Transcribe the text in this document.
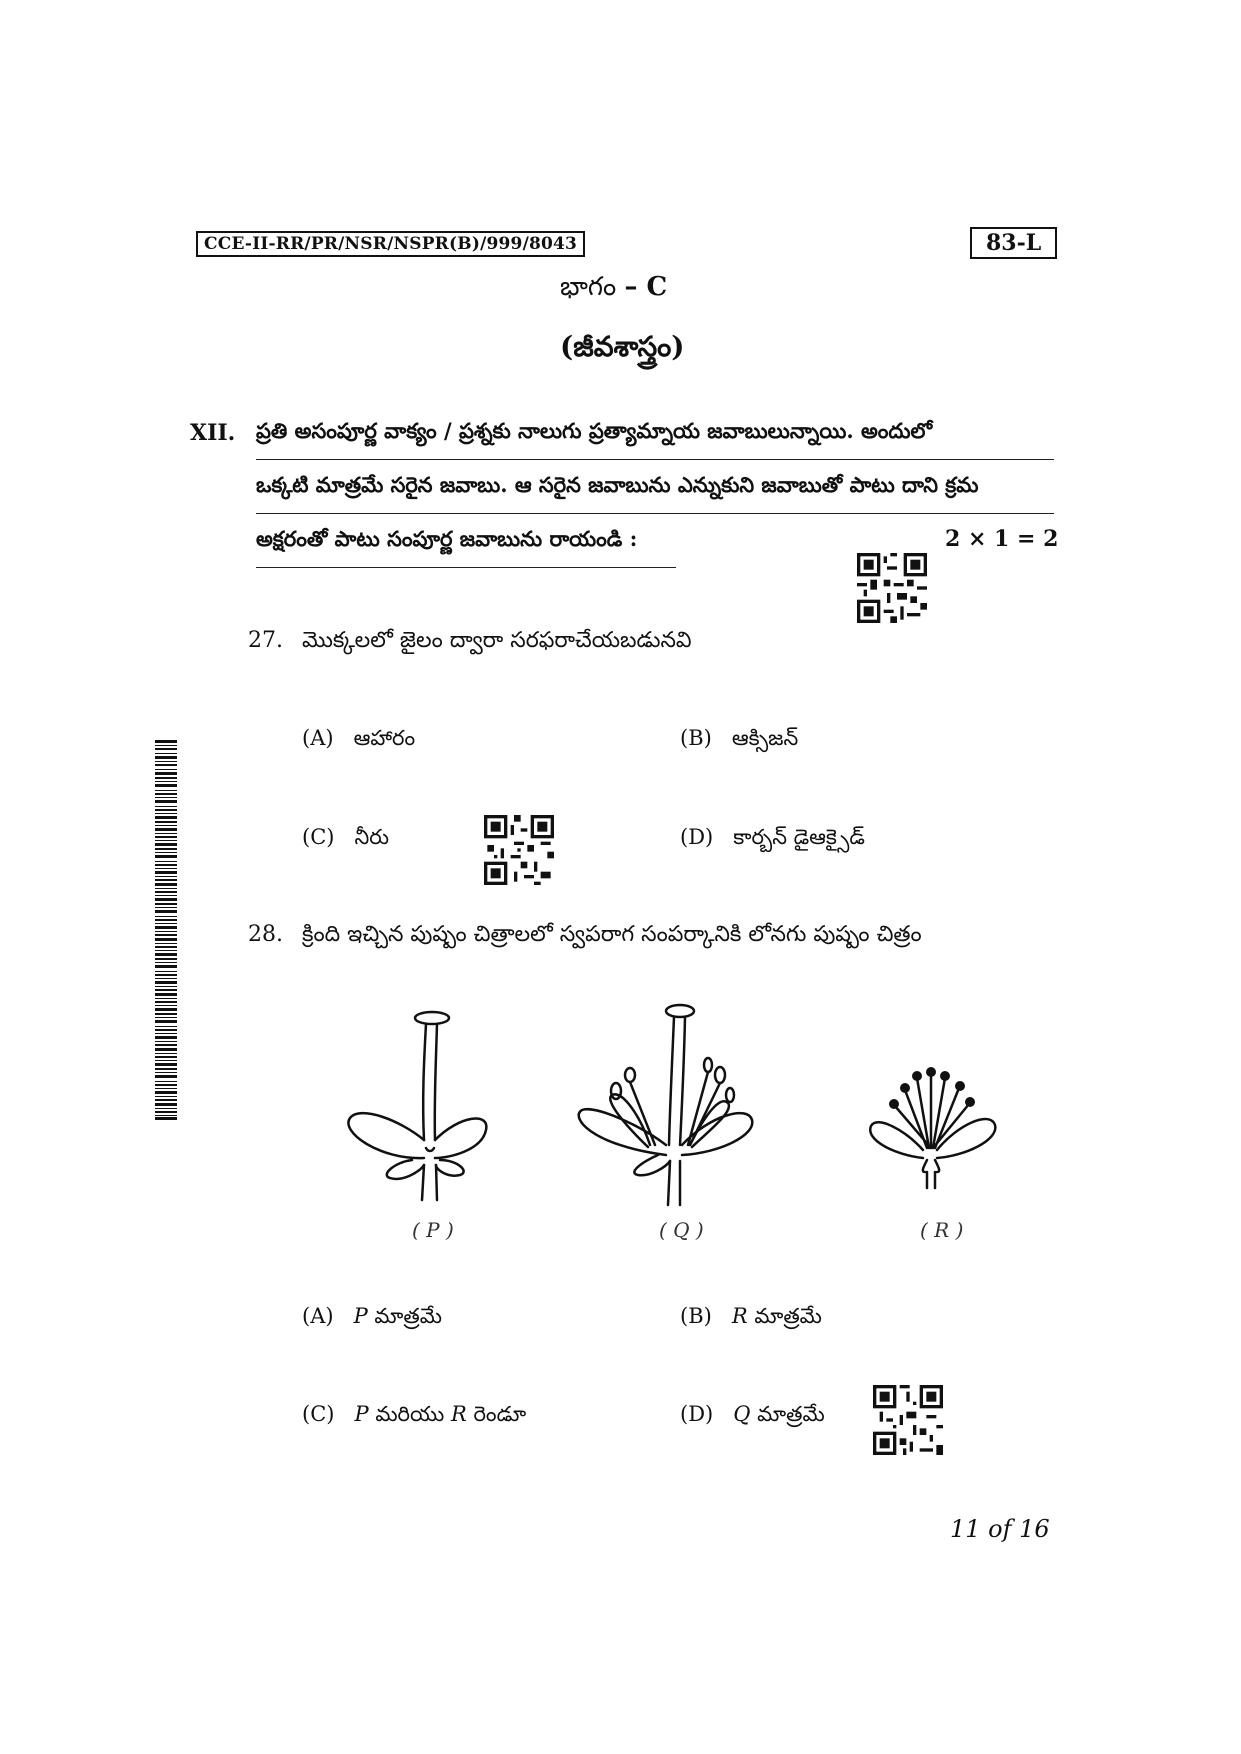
CCE-II-RR/PR/NSR/NSPR(B)/999/8043	83-L
భాగం – C
(జీవశాస్త్రం)
XII. ప్రతి అసంపూర్ణ వాక్యం / ప్రశ్నకు నాలుగు ప్రత్యామ్నాయ జవాబులున్నాయి. అందులో
ఒక్కటి మాత్రమే సరైన జవాబు. ఆ సరైన జవాబును ఎన్నుకుని జవాబుతో పాటు దాని క్రమ
అక్షరంతో పాటు సంపూర్ణ జవాబును రాయండి :	2 × 1 = 2
27. మొక్కలలో జైలం ద్వారా సరఫరాచేయబడునవి
(A) ఆహారం	(B) ఆక్సిజన్
(C) నీరు	(D) కార్బన్ డైఆక్సైడ్
28. క్రింది ఇచ్చిన పుష్పం చిత్రాలలో స్వపరాగ సంపర్కానికి లోనగు పుష్పం చిత్రం
( P )	( Q )	( R )
(A) P మాత్రమే	(B) R మాత్రమే
(C) P మరియు R రెండూ	(D) Q మాత్రమే
11 of 16
